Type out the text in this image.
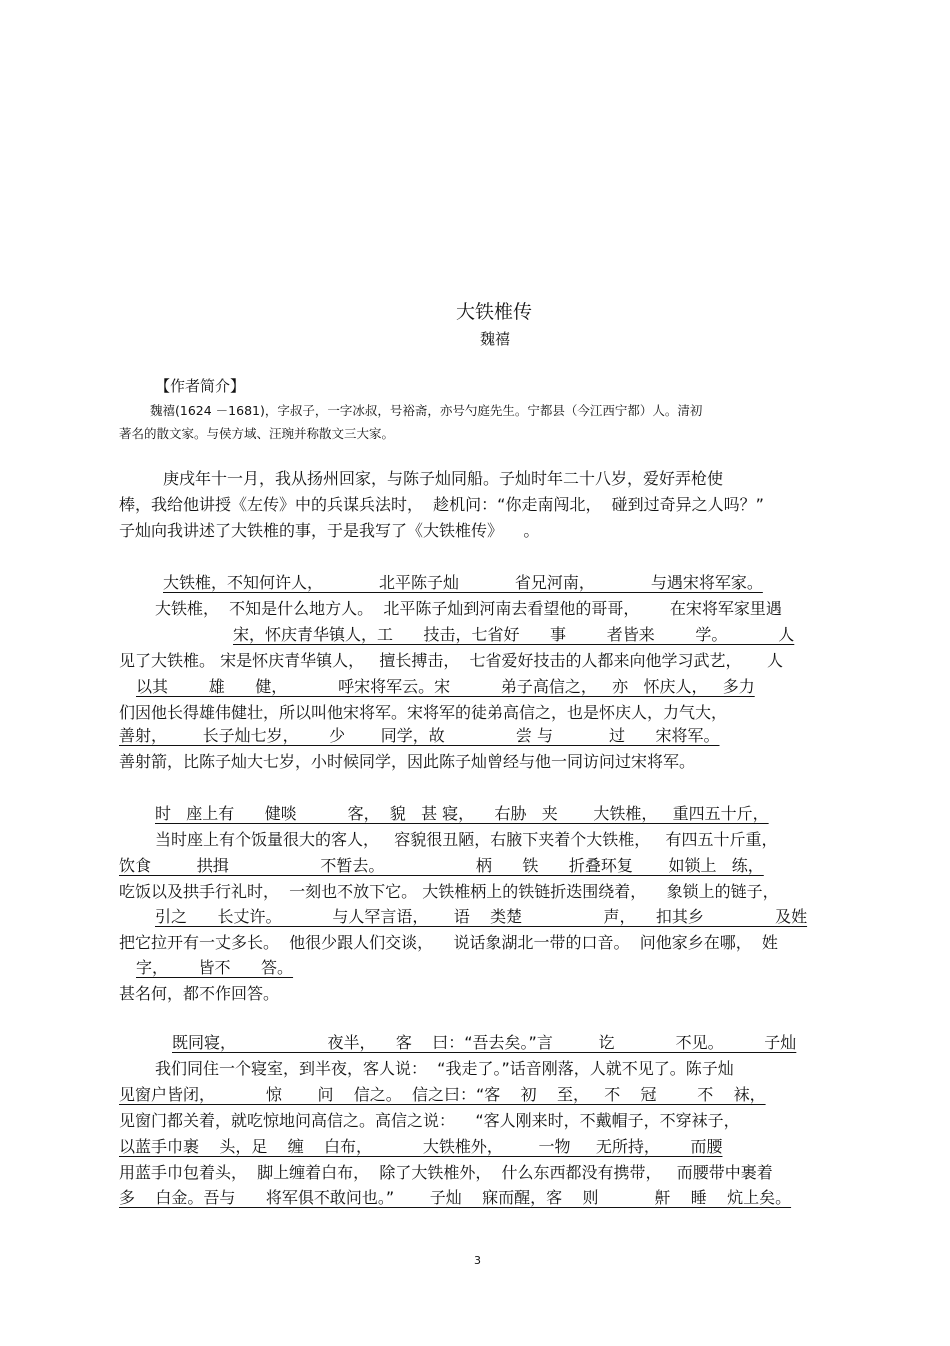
大铁椎传
魏禧
【作者简介】
魏禧(1624 －1681)，字叔子，一字冰叔，号裕斋，亦号勺庭先生。宁都县（今江西宁都）人。清初
著名的散文家。与侯方域、汪琬并称散文三大家。
庚戌年十一月，我从扬州回家，与陈子灿同船。子灿时年二十八岁，爱好弄枪使
棒，我给他讲授《左传》中的兵谋兵法时，  趁机问：“你走南闯北，  碰到过奇异之人吗？”
子灿向我讲述了大铁椎的事，于是我写了《大铁椎传》    。
大铁椎，不知何许人，           北平陈子灿           省兄河南，           与遇宋将军家。
大铁椎，  不知是什么地方人。  北平陈子灿到河南去看望他的哥哥，      在宋将军家里遇
宋，怀庆青华镇人，工      技击，七省好      事        者皆来        学。          人
见了大铁椎。 宋是怀庆青华镇人，   擅长搏击，  七省爱好技击的人都来向他学习武艺，     人
以其        雄      健，          呼宋将军云。宋          弟子高信之，   亦   怀庆人，   多力
们因他长得雄伟健壮，所以叫他宋将军。宋将军的徒弟高信之，也是怀庆人，力气大，
善射，       长子灿七岁，      少       同学，故              尝 与           过      宋将军。
善射箭，比陈子灿大七岁，小时候同学，因此陈子灿曾经与他一同访问过宋将军。
时   座上有      健啖          客，  貌   甚 寝，    右胁   夹       大铁椎，   重四五十斤，
当时座上有个饭量很大的客人，   容貌很丑陋，右腋下夹着个大铁椎，   有四五十斤重，
饮食         拱揖                  不暂去。                  柄      铁      折叠环复       如锁上   练，
吃饭以及拱手行礼时，  一刻也不放下它。 大铁椎柄上的铁链折迭围绕着，    象锁上的链子，
引之      长丈许。          与人罕言语，     语    类楚                声，    扣其乡              及姓
把它拉开有一丈多长。  他很少跟人们交谈，    说话象湖北一带的口音。  问他家乡在哪，  姓
字，      皆不      答。
甚名何，都不作回答。
既同寝，                  夜半，    客    曰：“吾去矣。”言         讫            不见。        子灿
我们同住一个寝室，到半夜，客人说：  “我走了。”话音刚落，人就不见了。陈子灿
见窗户皆闭，          惊       问    信之。  信之曰：“客    初    至，   不    冠        不    袜，
见窗门都关着，就吃惊地问高信之。高信之说：    “客人刚来时，不戴帽子，不穿袜子，
以蓝手巾裹    头，足    缠    白布，          大铁椎外，       一物     无所持，      而腰
用蓝手巾包着头，  脚上缠着白布，  除了大铁椎外，  什么东西都没有携带，   而腰带中裹着
多    白金。吾与      将军俱不敢问也。”       子灿    寐而醒，客    则           鼾    睡    炕上矣。
3
